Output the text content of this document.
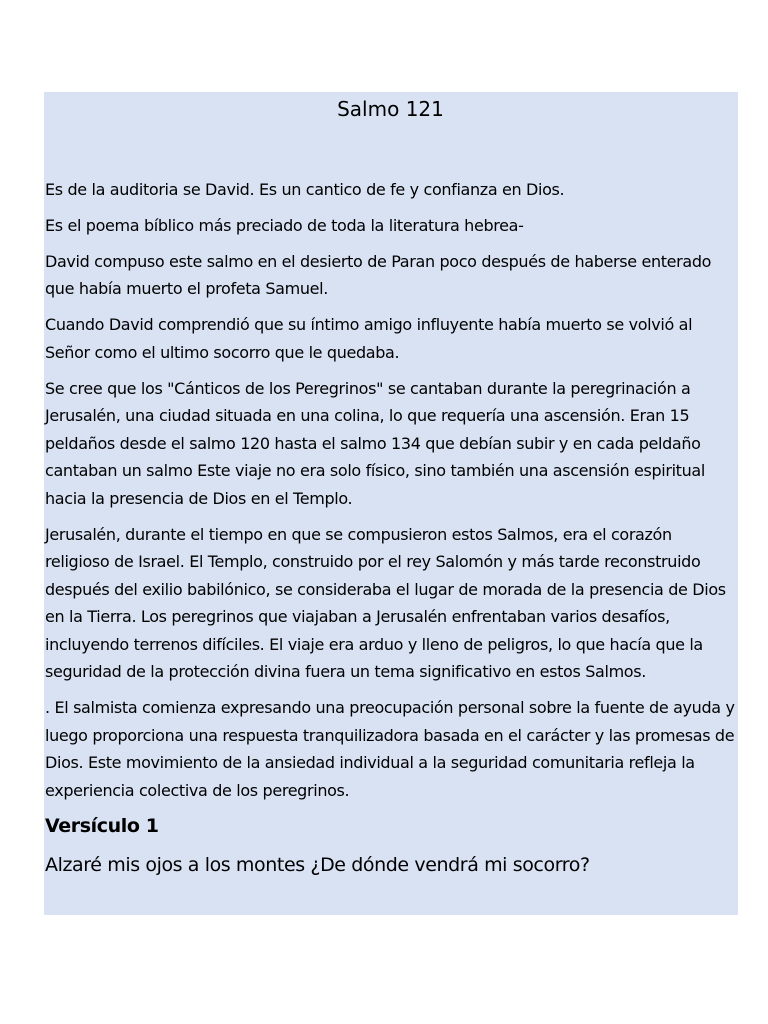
Salmo 121

Es de la auditoria se David. Es un cantico de fe y confianza en Dios.

Es el poema bíblico más preciado de toda la literatura hebrea-

David compuso este salmo en el desierto de Paran poco después de haberse enterado que había muerto el profeta Samuel.

Cuando David comprendió que su íntimo amigo influyente había muerto se volvió al Señor como el ultimo socorro que le quedaba.

Se cree que los "Cánticos de los Peregrinos" se cantaban durante la peregrinación a Jerusalén, una ciudad situada en una colina, lo que requería una ascensión. Eran 15 peldaños desde el salmo 120 hasta el salmo 134 que debían subir y en cada peldaño cantaban un salmo Este viaje no era solo físico, sino también una ascensión espiritual hacia la presencia de Dios en el Templo.

Jerusalén, durante el tiempo en que se compusieron estos Salmos, era el corazón religioso de Israel. El Templo, construido por el rey Salomón y más tarde reconstruido después del exilio babilónico, se consideraba el lugar de morada de la presencia de Dios en la Tierra. Los peregrinos que viajaban a Jerusalén enfrentaban varios desafíos, incluyendo terrenos difíciles. El viaje era arduo y lleno de peligros, lo que hacía que la seguridad de la protección divina fuera un tema significativo en estos Salmos.

. El salmista comienza expresando una preocupación personal sobre la fuente de ayuda y luego proporciona una respuesta tranquilizadora basada en el carácter y las promesas de Dios. Este movimiento de la ansiedad individual a la seguridad comunitaria refleja la experiencia colectiva de los peregrinos.

Versículo 1

Alzaré mis ojos a los montes ¿De dónde vendrá mi socorro?
